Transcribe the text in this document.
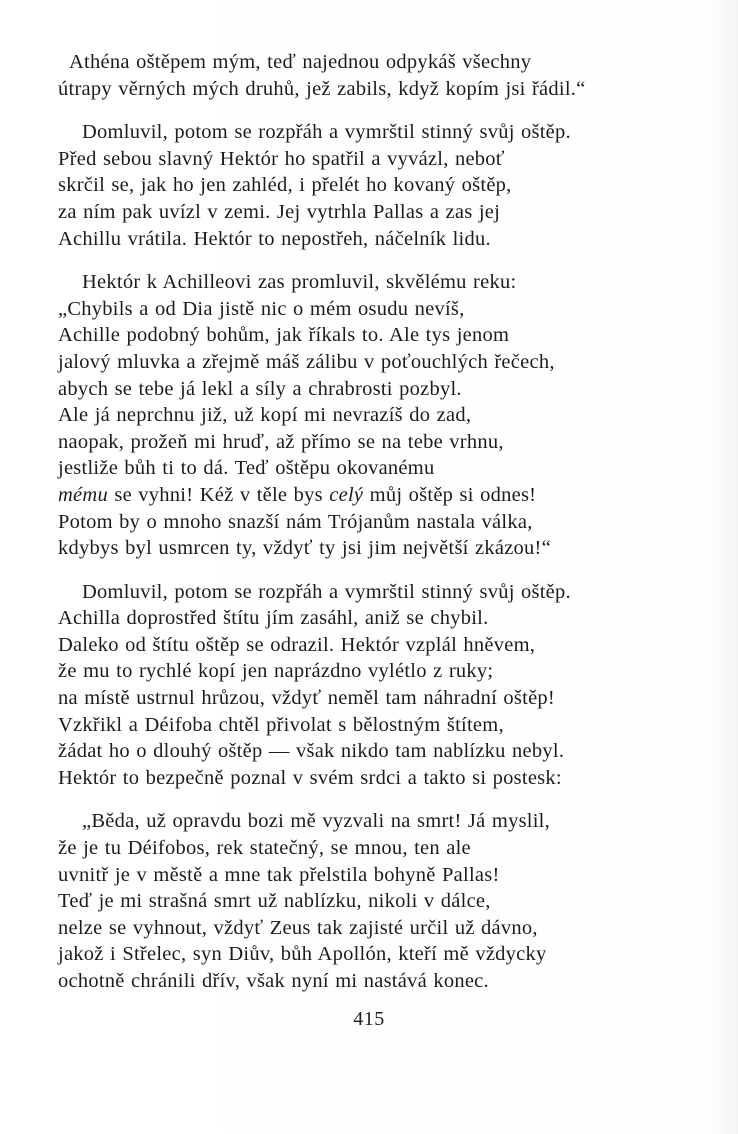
Athéna oštěpem mým, teď najednou odpykáš všechny
útrapy věrných mých druhů, jež zabils, když kopím jsi řádil.“

Domluvil, potom se rozpřáh a vymrštil stinný svůj oštěp.
Před sebou slavný Hektór ho spatřil a vyvázl, neboť
skrčil se, jak ho jen zahléd, i přelét ho kovaný oštěp,
za ním pak uvízl v zemi. Jej vytrhla Pallas a zas jej
Achillu vrátila. Hektór to nepostřeh, náčelník lidu.

Hektór k Achilleovi zas promluvil, skvělému reku:
„Chybils a od Dia jistě nic o mém osudu nevíš,
Achille podobný bohům, jak říkals to. Ale tys jenom
jalový mluvka a zřejmě máš zálibu v poťouchlých řečech,
abych se tebe já lekl a síly a chrabrosti pozbyl.
Ale já neprchnu již, už kopí mi nevrazíš do zad,
naopak, prožeň mi hruď, až přímo se na tebe vrhnu,
jestliže bůh ti to dá. Teď oštěpu okovanému
mému se vyhni! Kéž v těle bys celý můj oštěp si odnes!
Potom by o mnoho snazší nám Trójanům nastala válka,
kdybys byl usmrcen ty, vždyť ty jsi jim největší zkázou!“

Domluvil, potom se rozpřáh a vymrštil stinný svůj oštěp.
Achilla doprostřed štítu jím zasáhl, aniž se chybil.
Daleko od štítu oštěp se odrazil. Hektór vzplál hněvem,
že mu to rychlé kopí jen naprázdno vylétlo z ruky;
na místě ustrnul hrůzou, vždyť neměl tam náhradní oštěp!
Vzkřikl a Déifoba chtěl přivolat s bělostným štítem,
žádat ho o dlouhý oštěp — však nikdo tam nablízku nebyl.
Hektór to bezpečně poznal v svém srdci a takto si postesk:

„Běda, už opravdu bozi mě vyzvali na smrt! Já myslil,
že je tu Déifobos, rek statečný, se mnou, ten ale
uvnitř je v městě a mne tak přelstila bohyně Pallas!
Teď je mi strašná smrt už nablízku, nikoli v dálce,
nelze se vyhnout, vždyť Zeus tak zajisté určil už dávno,
jakož i Střelec, syn Diův, bůh Apollón, kteří mě vždycky
ochotně chránili dřív, však nyní mi nastává konec.

415
